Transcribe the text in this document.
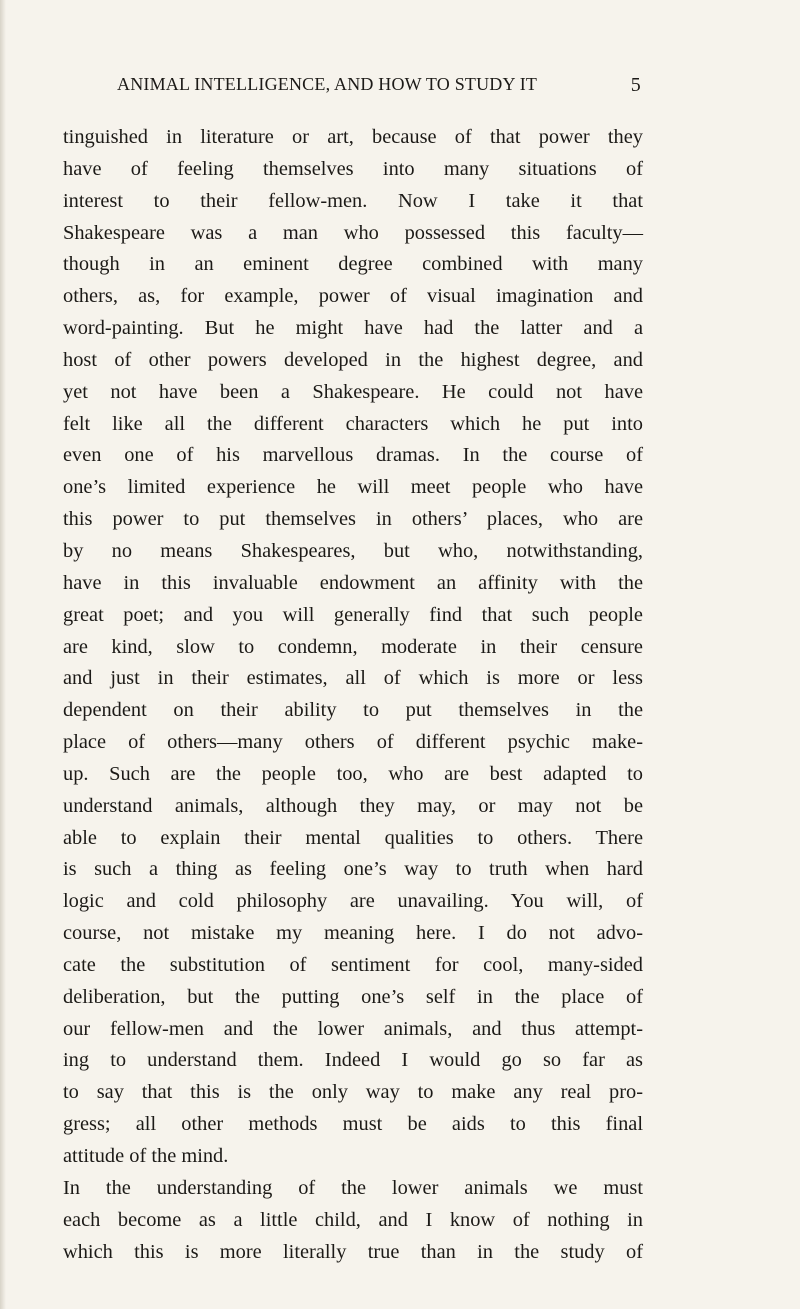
ANIMAL INTELLIGENCE, AND HOW TO STUDY IT	5
tinguished in literature or art, because of that power they
have of feeling themselves into many situations of
interest to their fellow-men. Now I take it that
Shakespeare was a man who possessed this faculty—
though in an eminent degree combined with many
others, as, for example, power of visual imagination and
word-painting. But he might have had the latter and a
host of other powers developed in the highest degree, and
yet not have been a Shakespeare. He could not have
felt like all the different characters which he put into
even one of his marvellous dramas. In the course of
one’s limited experience he will meet people who have
this power to put themselves in others’ places, who are
by no means Shakespeares, but who, notwithstanding,
have in this invaluable endowment an affinity with the
great poet; and you will generally find that such people
are kind, slow to condemn, moderate in their censure
and just in their estimates, all of which is more or less
dependent on their ability to put themselves in the
place of others—many others of different psychic make-
up. Such are the people too, who are best adapted to
understand animals, although they may, or may not be
able to explain their mental qualities to others. There
is such a thing as feeling one’s way to truth when hard
logic and cold philosophy are unavailing. You will, of
course, not mistake my meaning here. I do not advo-
cate the substitution of sentiment for cool, many-sided
deliberation, but the putting one’s self in the place of
our fellow-men and the lower animals, and thus attempt-
ing to understand them. Indeed I would go so far as
to say that this is the only way to make any real pro-
gress; all other methods must be aids to this final
attitude of the mind.
In the understanding of the lower animals we must
each become as a little child, and I know of nothing in
which this is more literally true than in the study of
